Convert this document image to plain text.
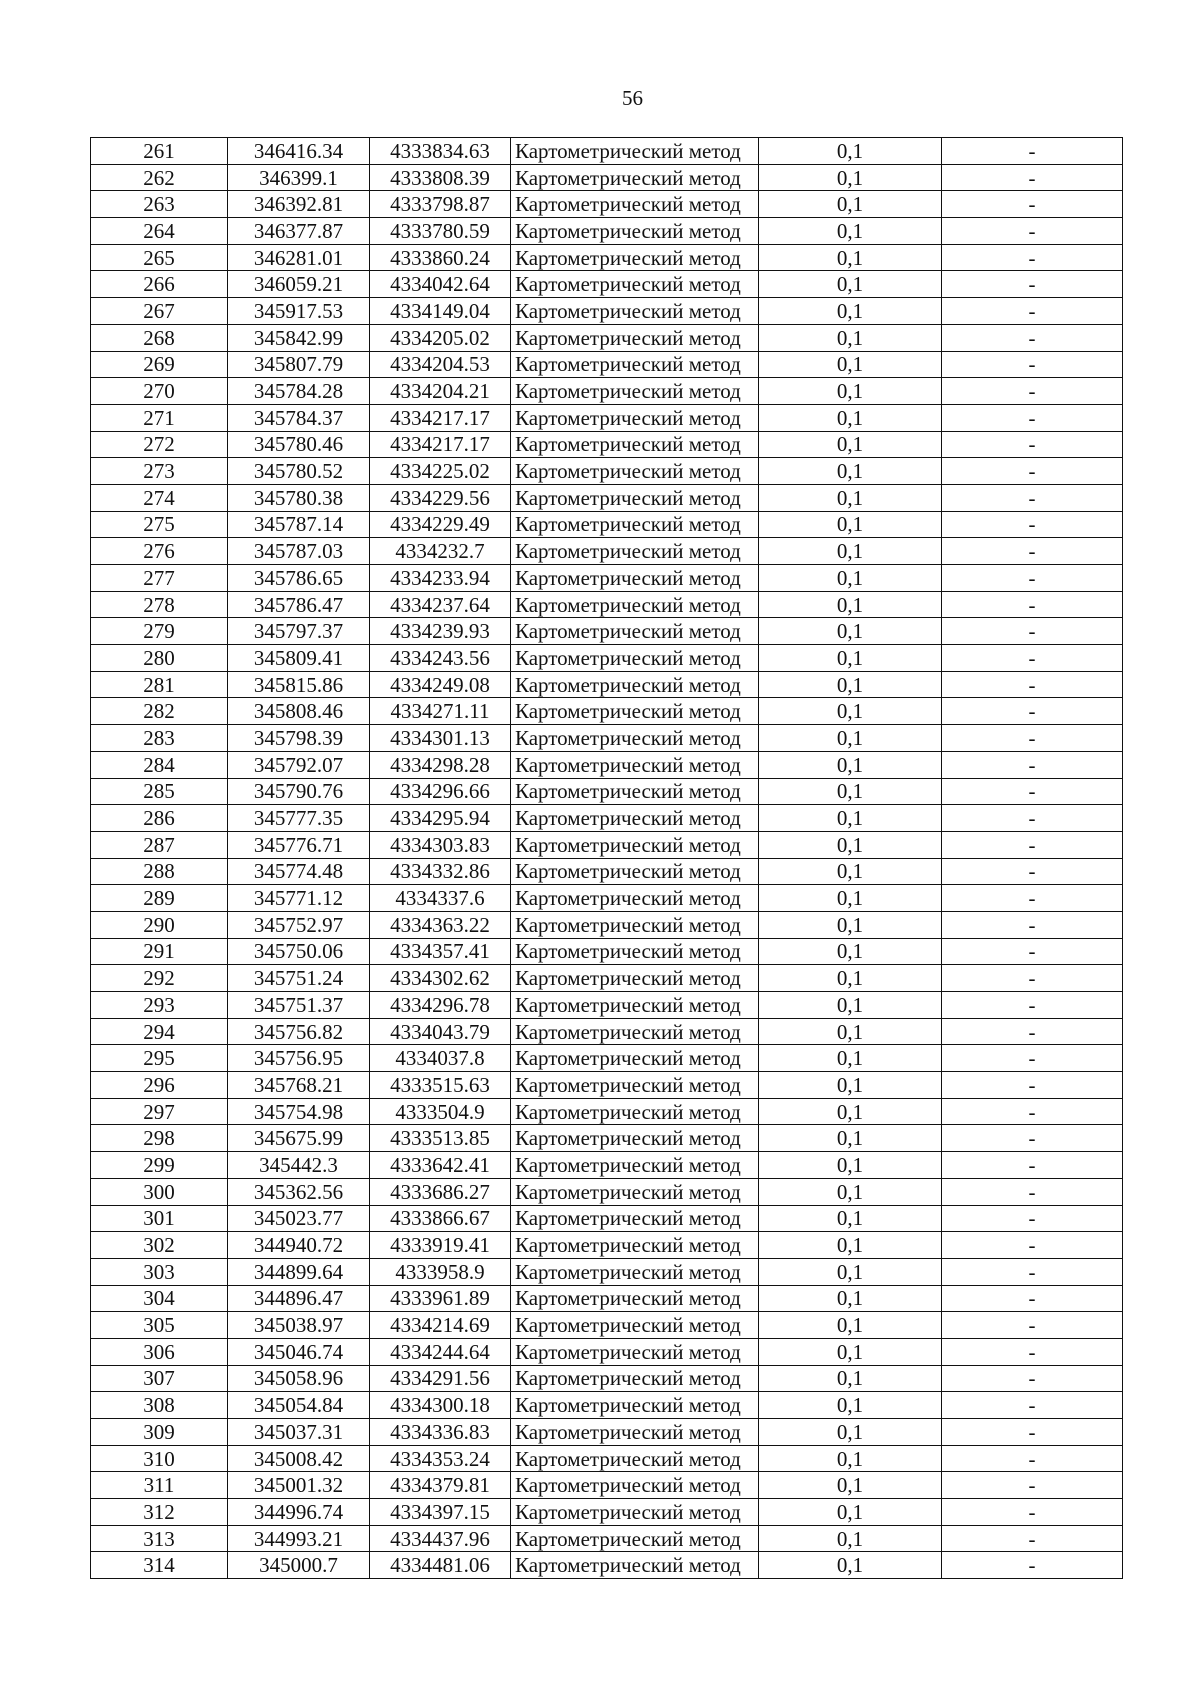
56
261	346416.34	4333834.63	Картометрический метод	0,1	-
262	346399.1	4333808.39	Картометрический метод	0,1	-
263	346392.81	4333798.87	Картометрический метод	0,1	-
264	346377.87	4333780.59	Картометрический метод	0,1	-
265	346281.01	4333860.24	Картометрический метод	0,1	-
266	346059.21	4334042.64	Картометрический метод	0,1	-
267	345917.53	4334149.04	Картометрический метод	0,1	-
268	345842.99	4334205.02	Картометрический метод	0,1	-
269	345807.79	4334204.53	Картометрический метод	0,1	-
270	345784.28	4334204.21	Картометрический метод	0,1	-
271	345784.37	4334217.17	Картометрический метод	0,1	-
272	345780.46	4334217.17	Картометрический метод	0,1	-
273	345780.52	4334225.02	Картометрический метод	0,1	-
274	345780.38	4334229.56	Картометрический метод	0,1	-
275	345787.14	4334229.49	Картометрический метод	0,1	-
276	345787.03	4334232.7	Картометрический метод	0,1	-
277	345786.65	4334233.94	Картометрический метод	0,1	-
278	345786.47	4334237.64	Картометрический метод	0,1	-
279	345797.37	4334239.93	Картометрический метод	0,1	-
280	345809.41	4334243.56	Картометрический метод	0,1	-
281	345815.86	4334249.08	Картометрический метод	0,1	-
282	345808.46	4334271.11	Картометрический метод	0,1	-
283	345798.39	4334301.13	Картометрический метод	0,1	-
284	345792.07	4334298.28	Картометрический метод	0,1	-
285	345790.76	4334296.66	Картометрический метод	0,1	-
286	345777.35	4334295.94	Картометрический метод	0,1	-
287	345776.71	4334303.83	Картометрический метод	0,1	-
288	345774.48	4334332.86	Картометрический метод	0,1	-
289	345771.12	4334337.6	Картометрический метод	0,1	-
290	345752.97	4334363.22	Картометрический метод	0,1	-
291	345750.06	4334357.41	Картометрический метод	0,1	-
292	345751.24	4334302.62	Картометрический метод	0,1	-
293	345751.37	4334296.78	Картометрический метод	0,1	-
294	345756.82	4334043.79	Картометрический метод	0,1	-
295	345756.95	4334037.8	Картометрический метод	0,1	-
296	345768.21	4333515.63	Картометрический метод	0,1	-
297	345754.98	4333504.9	Картометрический метод	0,1	-
298	345675.99	4333513.85	Картометрический метод	0,1	-
299	345442.3	4333642.41	Картометрический метод	0,1	-
300	345362.56	4333686.27	Картометрический метод	0,1	-
301	345023.77	4333866.67	Картометрический метод	0,1	-
302	344940.72	4333919.41	Картометрический метод	0,1	-
303	344899.64	4333958.9	Картометрический метод	0,1	-
304	344896.47	4333961.89	Картометрический метод	0,1	-
305	345038.97	4334214.69	Картометрический метод	0,1	-
306	345046.74	4334244.64	Картометрический метод	0,1	-
307	345058.96	4334291.56	Картометрический метод	0,1	-
308	345054.84	4334300.18	Картометрический метод	0,1	-
309	345037.31	4334336.83	Картометрический метод	0,1	-
310	345008.42	4334353.24	Картометрический метод	0,1	-
311	345001.32	4334379.81	Картометрический метод	0,1	-
312	344996.74	4334397.15	Картометрический метод	0,1	-
313	344993.21	4334437.96	Картометрический метод	0,1	-
314	345000.7	4334481.06	Картометрический метод	0,1	-
